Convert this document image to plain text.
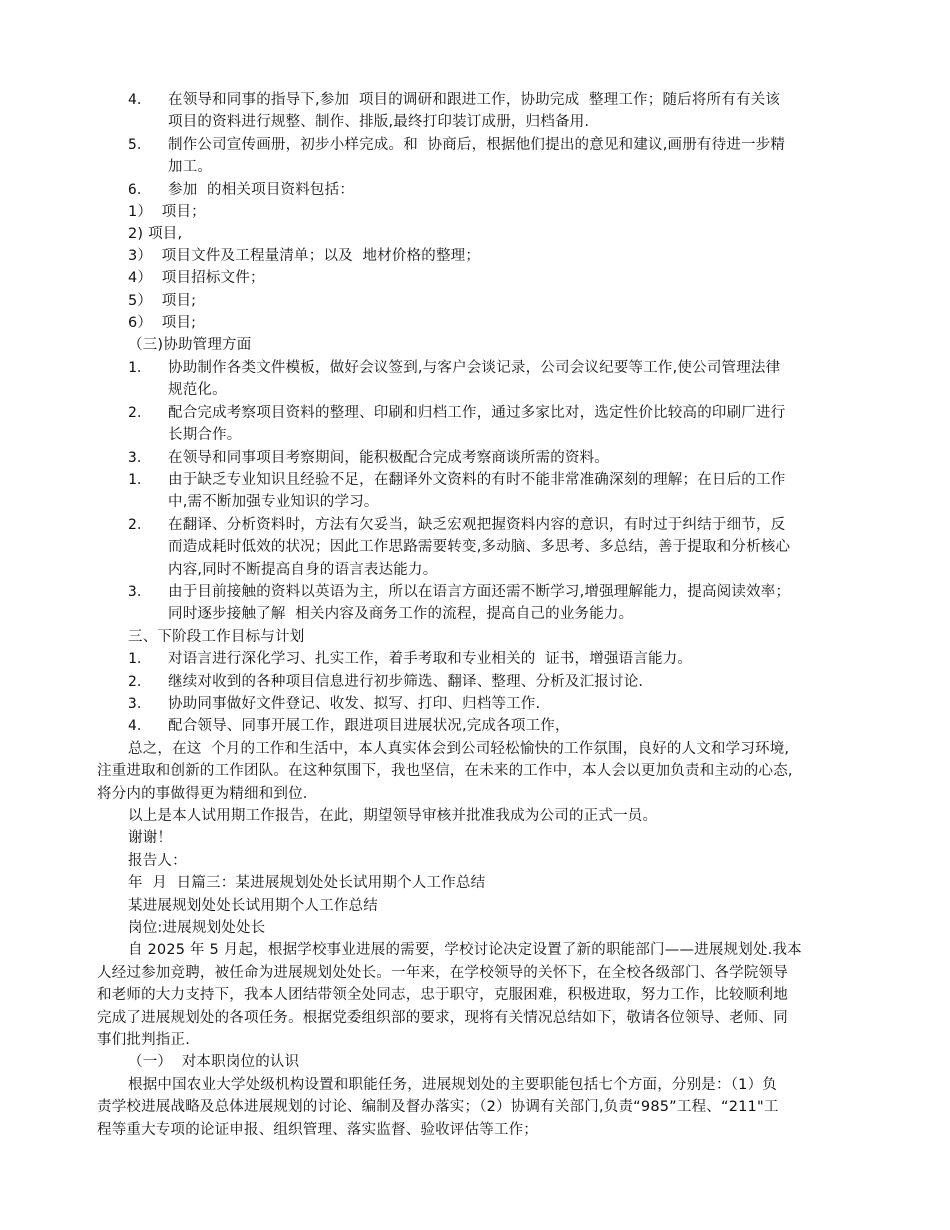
4． 在领导和同事的指导下,参加  项目的调研和跟进工作，协助完成  整理工作；随后将所有有关该
项目的资料进行规整、制作、排版,最终打印装订成册，归档备用.
5． 制作公司宣传画册，初步小样完成。和  协商后，根据他们提出的意见和建议,画册有待进一步精
加工。
6． 参加  的相关项目资料包括：
1）  项目；
2) 项目,
3）  项目文件及工程量清单；以及  地材价格的整理；
4）  项目招标文件；
5）  项目;
6）  项目;
（三)协助管理方面
1． 协助制作各类文件模板，做好会议签到,与客户会谈记录，公司会议纪要等工作,使公司管理法律
规范化。
2． 配合完成考察项目资料的整理、印刷和归档工作，通过多家比对，选定性价比较高的印刷厂进行
长期合作。
3． 在领导和同事项目考察期间，能积极配合完成考察商谈所需的资料。
1． 由于缺乏专业知识且经验不足，在翻译外文资料的有时不能非常准确深刻的理解；在日后的工作
中,需不断加强专业知识的学习。
2． 在翻译、分析资料时，方法有欠妥当，缺乏宏观把握资料内容的意识，有时过于纠结于细节，反
而造成耗时低效的状况；因此工作思路需要转变,多动脑、多思考、多总结，善于提取和分析核心
内容,同时不断提高自身的语言表达能力。
3． 由于目前接触的资料以英语为主，所以在语言方面还需不断学习,增强理解能力，提高阅读效率；
同时逐步接触了解  相关内容及商务工作的流程，提高自己的业务能力。
三、下阶段工作目标与计划
1． 对语言进行深化学习、扎实工作，着手考取和专业相关的  证书，增强语言能力。
2． 继续对收到的各种项目信息进行初步筛选、翻译、整理、分析及汇报讨论.
3． 协助同事做好文件登记、收发、拟写、打印、归档等工作.
4． 配合领导、同事开展工作，跟进项目进展状况,完成各项工作，
总之，在这  个月的工作和生活中，本人真实体会到公司轻松愉快的工作氛围，良好的人文和学习环境,
注重进取和创新的工作团队。在这种氛围下，我也坚信，在未来的工作中，本人会以更加负责和主动的心态,
将分内的事做得更为精细和到位.
以上是本人试用期工作报告，在此，期望领导审核并批准我成为公司的正式一员。
谢谢！
报告人：
年  月  日篇三：某进展规划处处长试用期个人工作总结
某进展规划处处长试用期个人工作总结
岗位:进展规划处处长
自 2025 年 5 月起，根据学校事业进展的需要，学校讨论决定设置了新的职能部门——进展规划处.我本
人经过参加竞聘，被任命为进展规划处处长。一年来，在学校领导的关怀下，在全校各级部门、各学院领导
和老师的大力支持下，我本人团结带领全处同志，忠于职守，克服困难，积极进取，努力工作，比较顺利地
完成了进展规划处的各项任务。根据党委组织部的要求，现将有关情况总结如下，敬请各位领导、老师、同
事们批判指正.
（一）  对本职岗位的认识
根据中国农业大学处级机构设置和职能任务，进展规划处的主要职能包括七个方面，分别是：（1）负
责学校进展战略及总体进展规划的讨论、编制及督办落实；（2）协调有关部门,负责“985”工程、“211"工
程等重大专项的论证申报、组织管理、落实监督、验收评估等工作；
